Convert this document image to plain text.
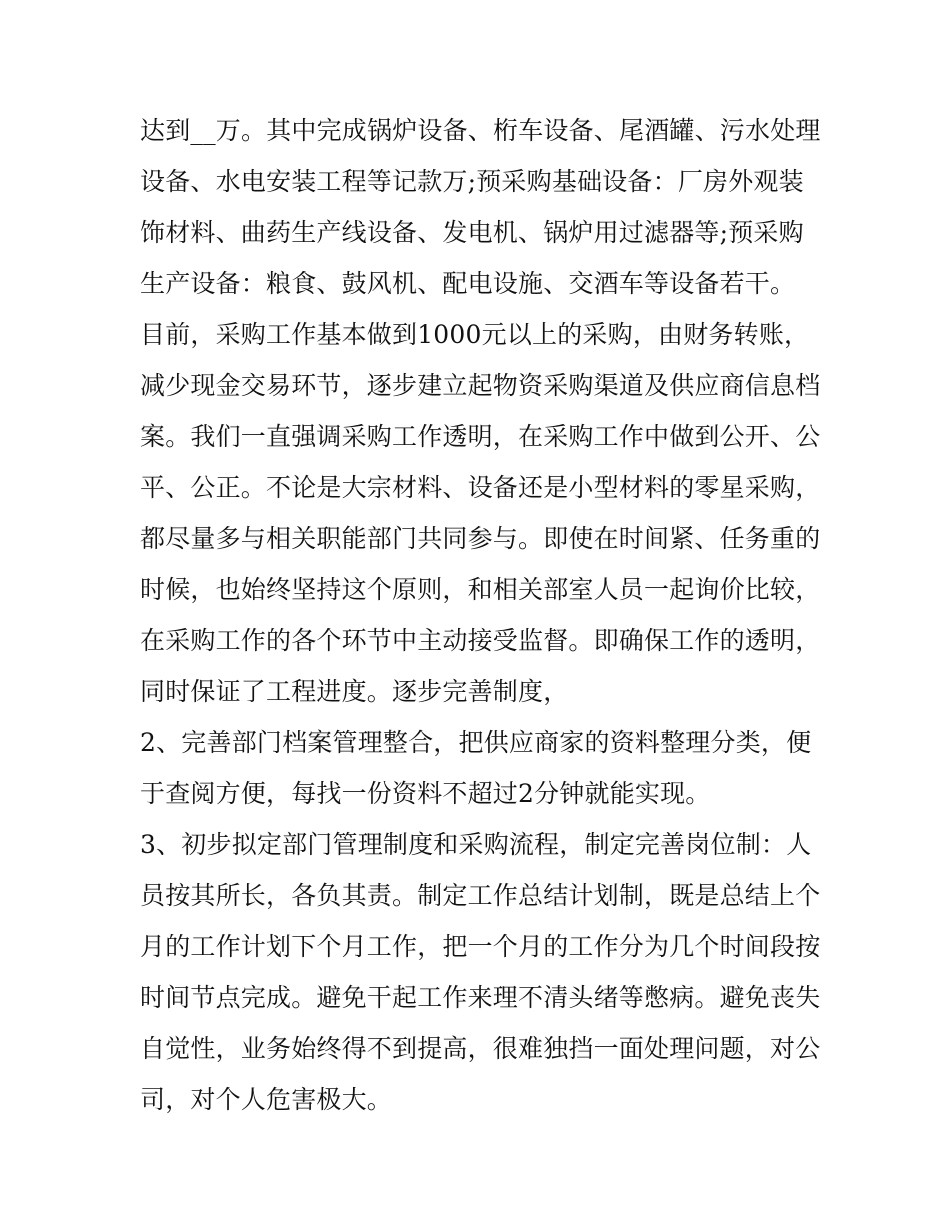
达到__万。其中完成锅炉设备、桁车设备、尾酒罐、污水处理
设备、水电安装工程等记款万;预采购基础设备：厂房外观装
饰材料、曲药生产线设备、发电机、锅炉用过滤器等;预采购
生产设备：粮食、鼓风机、配电设施、交酒车等设备若干。
目前，采购工作基本做到1000元以上的采购，由财务转账，
减少现金交易环节，逐步建立起物资采购渠道及供应商信息档
案。我们一直强调采购工作透明，在采购工作中做到公开、公
平、公正。不论是大宗材料、设备还是小型材料的零星采购，
都尽量多与相关职能部门共同参与。即使在时间紧、任务重的
时候，也始终坚持这个原则，和相关部室人员一起询价比较，
在采购工作的各个环节中主动接受监督。即确保工作的透明，
同时保证了工程进度。逐步完善制度，
2、完善部门档案管理整合，把供应商家的资料整理分类，便
于查阅方便，每找一份资料不超过2分钟就能实现。
3、初步拟定部门管理制度和采购流程，制定完善岗位制：人
员按其所长，各负其责。制定工作总结计划制，既是总结上个
月的工作计划下个月工作，把一个月的工作分为几个时间段按
时间节点完成。避免干起工作来理不清头绪等憋病。避免丧失
自觉性，业务始终得不到提高，很难独挡一面处理问题，对公
司，对个人危害极大。
